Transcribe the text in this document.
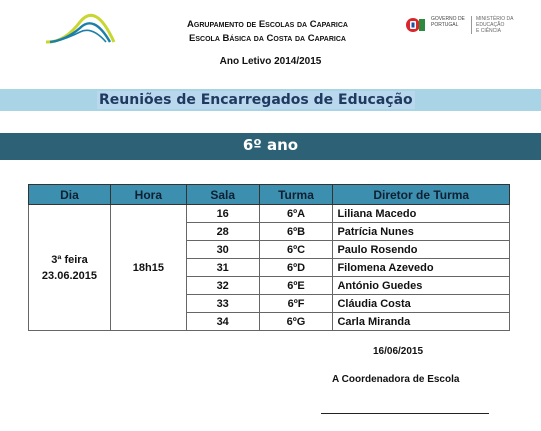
Agrupamento de Escolas da Caparica
Escola Básica da Costa da Caparica
GOVERNO DE
PORTUGAL
MINISTÉRIO DA EDUCAÇÃO
E CIÊNCIA
Ano Letivo 2014/2015
Reuniões de Encarregados de Educação
6º ano
Dia	Hora	Sala	Turma	Diretor de Turma

3ª feira
23.06.2015	18h15	16	6ºA	Liliana Macedo
		28	6ºB	Patrícia Nunes
		30	6ºC	Paulo Rosendo
		31	6ºD	Filomena Azevedo
		32	6ºE	António Guedes
		33	6ºF	Cláudia Costa
		34	6ºG	Carla Miranda
16/06/2015
A Coordenadora de Escola
